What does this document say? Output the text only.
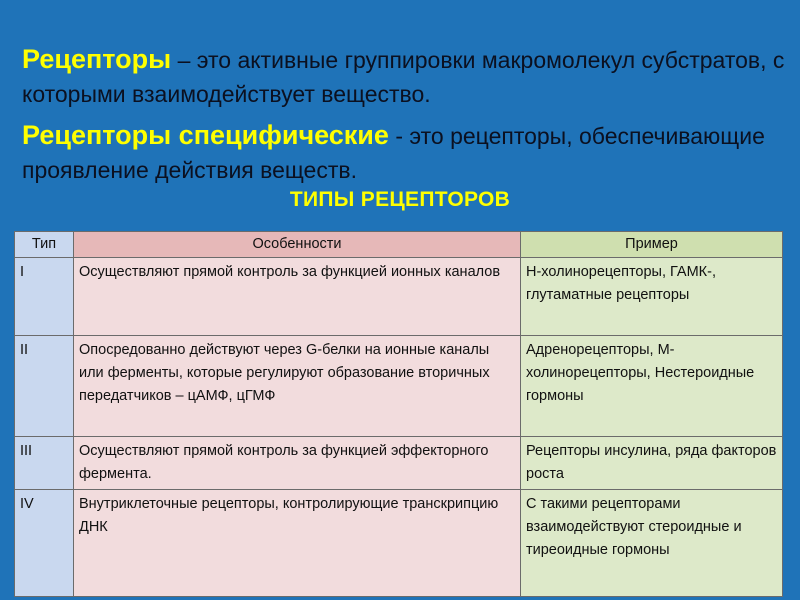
Рецепторы – это активные группировки макромолекул субстратов, с которыми взаимодействует вещество.
Рецепторы специфические - это рецепторы, обеспечивающие проявление действия веществ.
ТИПЫ РЕЦЕПТОРОВ
Тип	Особенности	Пример
I	Осуществляют прямой контроль за функцией ионных каналов	Н-холинорецепторы, ГАМК-, глутаматные рецепторы
II	Опосредованно действуют через G-белки на ионные каналы или ферменты, которые регулируют образование вторичных передатчиков – цАМФ, цГМФ	Адренорецепторы, М-холинорецепторы, Нестероидные гормоны
III	Осуществляют прямой контроль за функцией эффекторного фермента.	Рецепторы инсулина, ряда факторов роста
IV	Внутриклеточные рецепторы, контролирующие транскрипцию ДНК	С такими рецепторами взаимодействуют стероидные и тиреоидные гормоны
